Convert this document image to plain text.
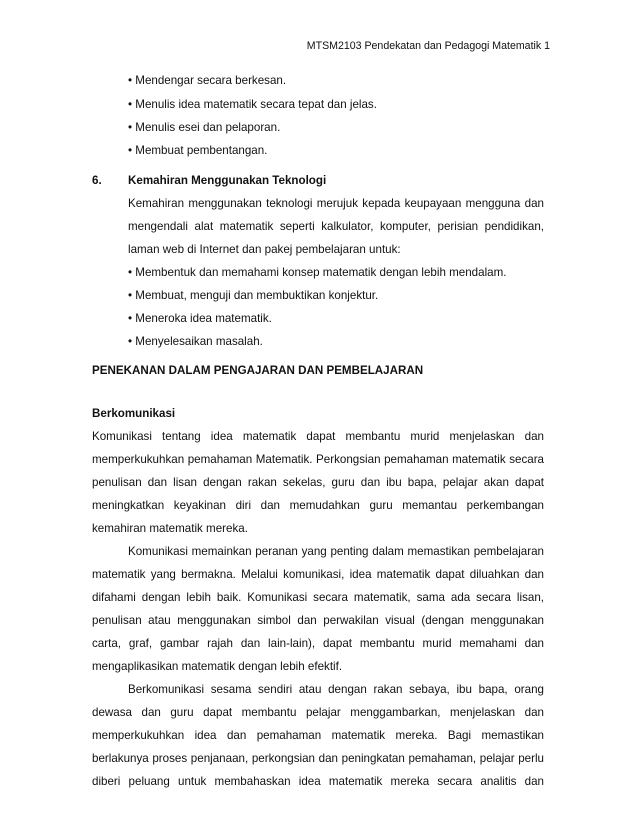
MTSM2103 Pendekatan dan Pedagogi Matematik 1
• Mendengar secara berkesan.
• Menulis idea matematik secara tepat dan jelas.
• Menulis esei dan pelaporan.
• Membuat pembentangan.
6. Kemahiran Menggunakan Teknologi
Kemahiran menggunakan teknologi merujuk kepada keupayaan mengguna dan
mengendali alat matematik seperti kalkulator, komputer, perisian pendidikan,
laman web di Internet dan pakej pembelajaran untuk:
• Membentuk dan memahami konsep matematik dengan lebih mendalam.
• Membuat, menguji dan membuktikan konjektur.
• Meneroka idea matematik.
• Menyelesaikan masalah.
PENEKANAN DALAM PENGAJARAN DAN PEMBELAJARAN
Berkomunikasi
Komunikasi tentang idea matematik dapat membantu murid menjelaskan dan
memperkukuhkan pemahaman Matematik. Perkongsian pemahaman matematik secara
penulisan dan lisan dengan rakan sekelas, guru dan ibu bapa, pelajar akan dapat
meningkatkan keyakinan diri dan memudahkan guru memantau perkembangan
kemahiran matematik mereka.
Komunikasi memainkan peranan yang penting dalam memastikan pembelajaran
matematik yang bermakna. Melalui komunikasi, idea matematik dapat diluahkan dan
difahami dengan lebih baik. Komunikasi secara matematik, sama ada secara lisan,
penulisan atau menggunakan simbol dan perwakilan visual (dengan menggunakan
carta, graf, gambar rajah dan lain-lain), dapat membantu murid memahami dan
mengaplikasikan matematik dengan lebih efektif.
Berkomunikasi sesama sendiri atau dengan rakan sebaya, ibu bapa, orang
dewasa dan guru dapat membantu pelajar menggambarkan, menjelaskan dan
memperkukuhkan idea dan pemahaman matematik mereka. Bagi memastikan
berlakunya proses penjanaan, perkongsian dan peningkatan pemahaman, pelajar perlu
diberi peluang untuk membahaskan idea matematik mereka secara analitis dan
